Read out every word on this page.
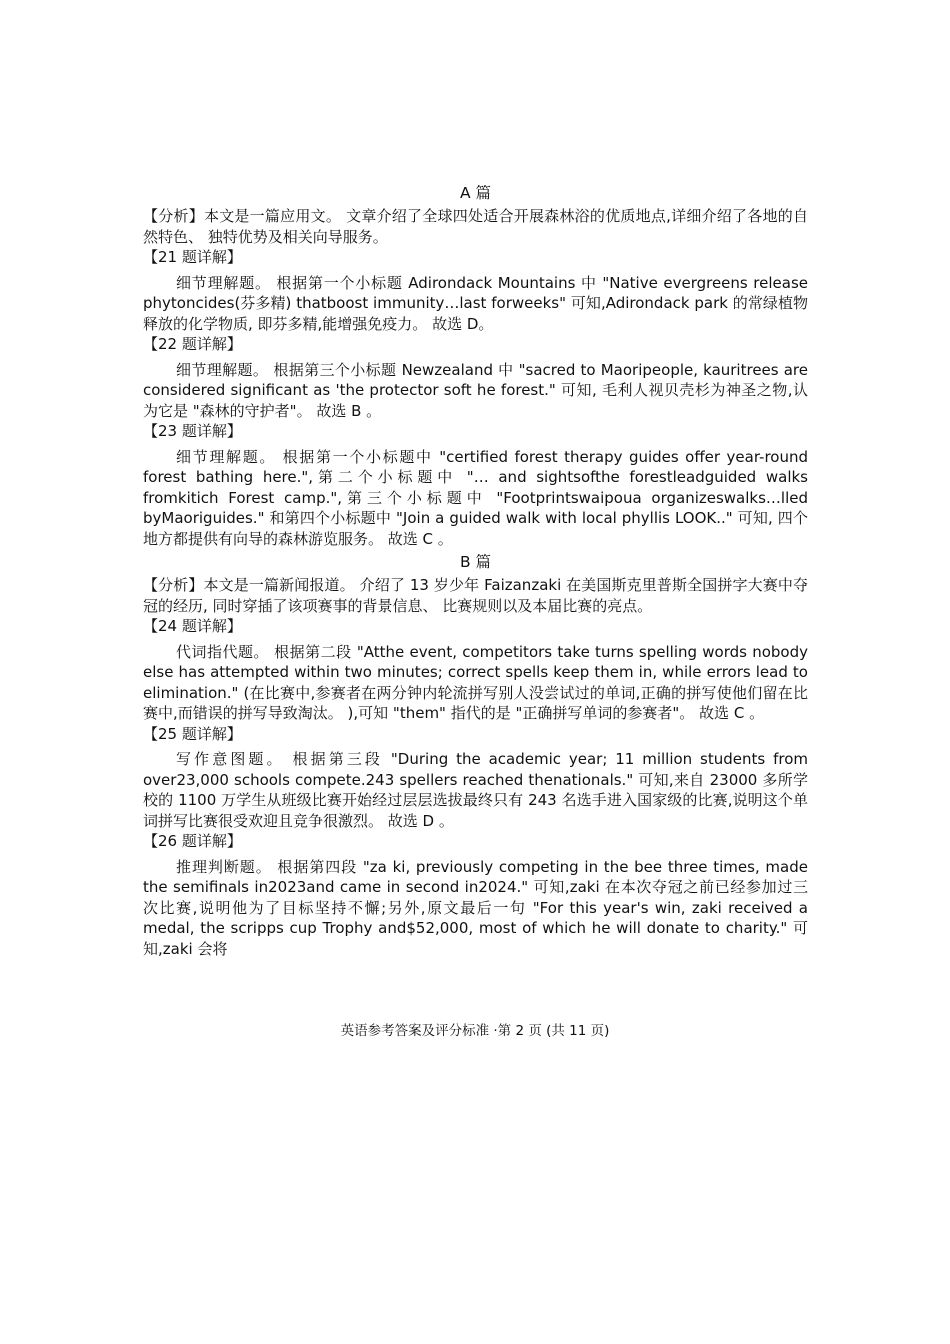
A 篇

【分析】本文是一篇应用文。 文章介绍了全球四处适合开展森林浴的优质地点,详细介绍了各地的自然特色、 独特优势及相关向导服务。

【21 题详解】

细节理解题。 根据第一个小标题 Adirondack Mountains 中 "Native evergreens release phytoncides(芬多精) thatboost immunity…last forweeks" 可知,Adirondack park 的常绿植物释放的化学物质, 即芬多精,能增强免疫力。 故选 D。

【22 题详解】

细节理解题。 根据第三个小标题 Newzealand 中 "sacred to Maoripeople, kauritrees are considered significant as 'the protector soft he forest." 可知, 毛利人视贝壳杉为神圣之物,认为它是 "森林的守护者"。 故选 B 。

【23 题详解】

细节理解题。 根据第一个小标题中 "certified forest therapy guides offer year-round forest bathing here.",第二个小标题中 "… and sightsofthe forestleadguided walks fromkitich Forest camp.",第三个小标题中 "Footprintswaipoua organizeswalks…lled byMaoriguides." 和第四个小标题中 "Join a guided walk with local phyllis LOOK.." 可知, 四个地方都提供有向导的森林游览服务。 故选 C 。

B 篇

【分析】本文是一篇新闻报道。 介绍了 13 岁少年 Faizanzaki 在美国斯克里普斯全国拼字大赛中夺冠的经历, 同时穿插了该项赛事的背景信息、 比赛规则以及本届比赛的亮点。

【24 题详解】

代词指代题。 根据第二段 "Atthe event, competitors take turns spelling words nobody else has attempted within two minutes; correct spells keep them in, while errors lead to elimination." (在比赛中,参赛者在两分钟内轮流拼写别人没尝试过的单词,正确的拼写使他们留在比赛中,而错误的拼写导致淘汰。 ),可知 "them" 指代的是 "正确拼写单词的参赛者"。 故选 C 。

【25 题详解】

写作意图题。 根据第三段 "During the academic year; 11 million students from over23,000 schools compete.243 spellers reached thenationals." 可知,来自 23000 多所学校的 1100 万学生从班级比赛开始经过层层选拔最终只有 243 名选手进入国家级的比赛,说明这个单词拼写比赛很受欢迎且竞争很激烈。 故选 D 。

【26 题详解】

推理判断题。 根据第四段 "za ki, previously competing in the bee three times, made the semifinals in2023and came in second in2024." 可知,zaki 在本次夺冠之前已经参加过三次比赛,说明他为了目标坚持不懈;另外,原文最后一句 "For this year's win, zaki received a medal, the scripps cup Trophy and$52,000, most of which he will donate to charity." 可知,zaki 会将

英语参考答案及评分标准 ·第 2 页 (共 11 页)
